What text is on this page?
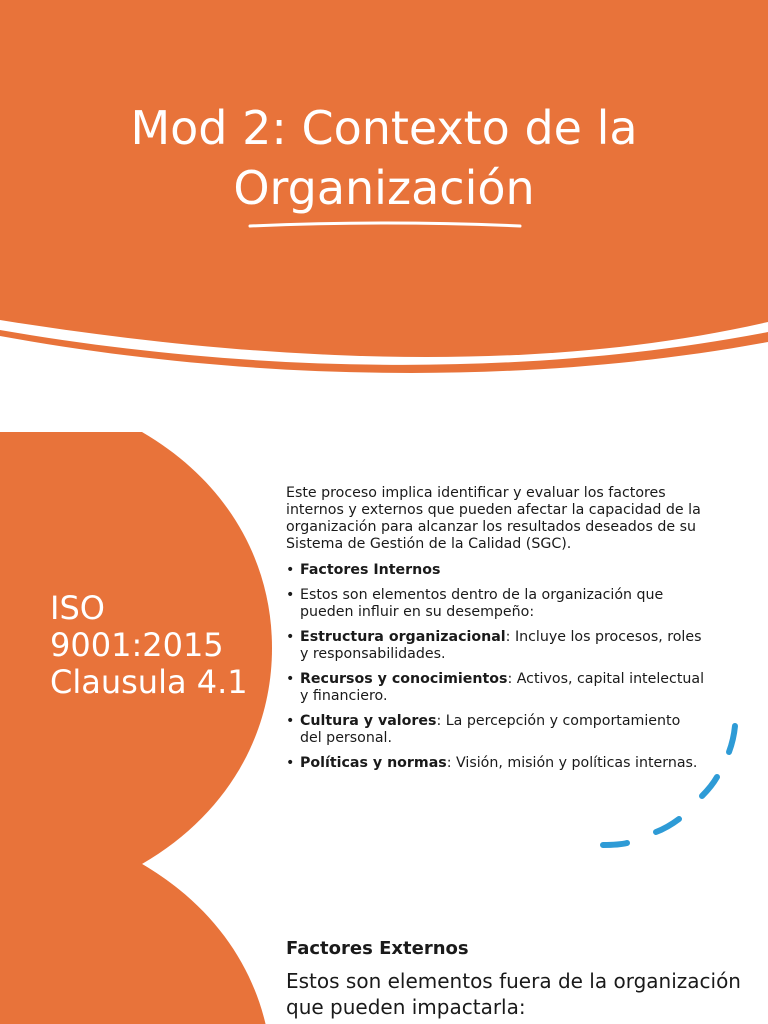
Mod 2: Contexto de la Organización
ISO
9001:2015
Clausula 4.1

Este proceso implica identificar y evaluar los factores internos y externos que pueden afectar la capacidad de la organización para alcanzar los resultados deseados de su Sistema de Gestión de la Calidad (SGC).

• Factores Internos
• Estos son elementos dentro de la organización que pueden influir en su desempeño:
• Estructura organizacional: Incluye los procesos, roles y responsabilidades.
• Recursos y conocimientos: Activos, capital intelectual y financiero.
• Cultura y valores: La percepción y comportamiento del personal.
• Políticas y normas: Visión, misión y políticas internas.
Factores Externos
Estos son elementos fuera de la organización que pueden impactarla:
